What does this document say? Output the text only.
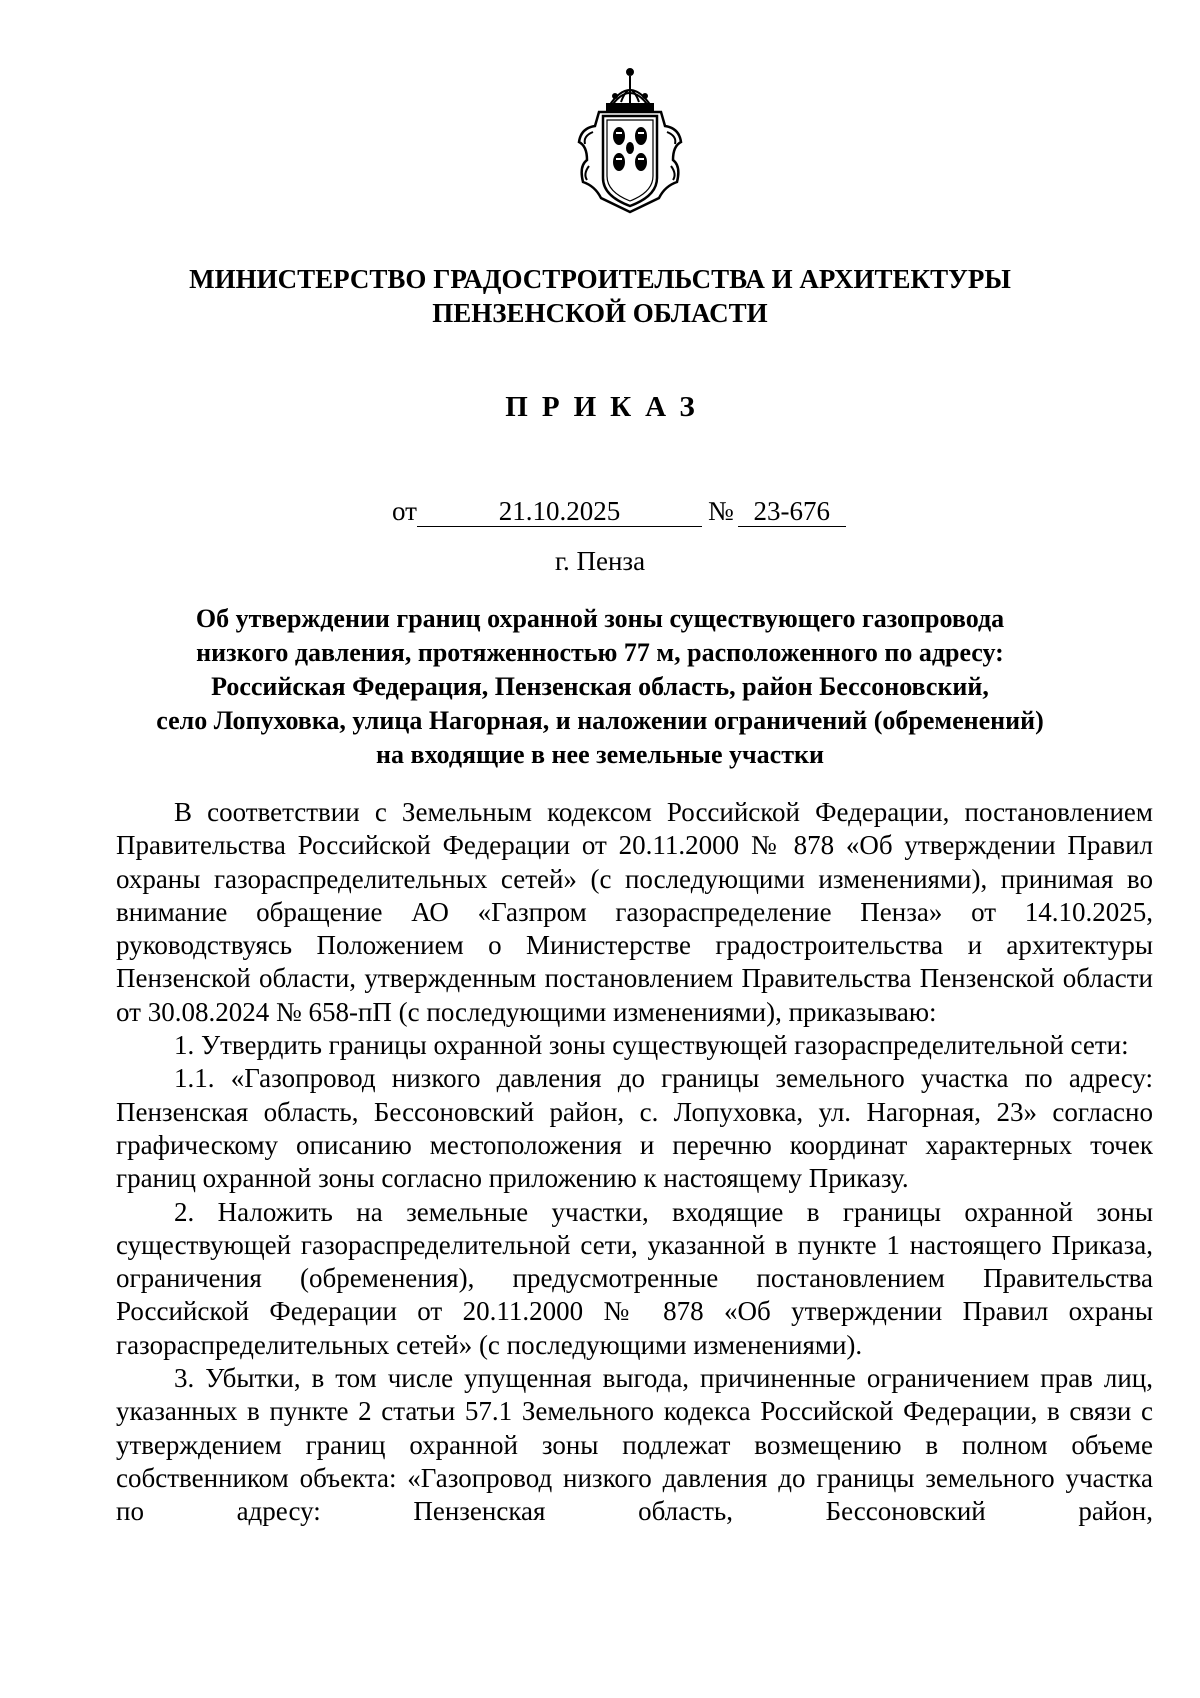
МИНИСТЕРСТВО ГРАДОСТРОИТЕЛЬСТВА И АРХИТЕКТУРЫ
ПЕНЗЕНСКОЙ ОБЛАСТИ
ПРИКАЗ
от	21.10.2025	№ 23-676
г. Пенза
Об утверждении границ охранной зоны существующего газопровода
низкого давления, протяженностью 77 м, расположенного по адресу:
Российская Федерация, Пензенская область, район Бессоновский,
село Лопуховка, улица Нагорная, и наложении ограничений (обременений)
на входящие в нее земельные участки

В соответствии с Земельным кодексом Российской Федерации, постановлением Правительства Российской Федерации от 20.11.2000 № 878 «Об утверждении Правил охраны газораспределительных сетей» (с последующими изменениями), принимая во внимание обращение АО «Газпром газораспределение Пенза» от 14.10.2025, руководствуясь Положением о Министерстве градостроительства и архитектуры Пензенской области, утвержденным постановлением Правительства Пензенской области от 30.08.2024 № 658-пП (с последующими изменениями), приказываю:

1. Утвердить границы охранной зоны существующей газораспределительной сети:

1.1. «Газопровод низкого давления до границы земельного участка по адресу: Пензенская область, Бессоновский район, с. Лопуховка, ул. Нагорная, 23» согласно графическому описанию местоположения и перечню координат характерных точек границ охранной зоны согласно приложению к настоящему Приказу.

2. Наложить на земельные участки, входящие в границы охранной зоны существующей газораспределительной сети, указанной в пункте 1 настоящего Приказа, ограничения (обременения), предусмотренные постановлением Правительства Российской Федерации от 20.11.2000 № 878 «Об утверждении Правил охраны газораспределительных сетей» (с последующими изменениями).

3. Убытки, в том числе упущенная выгода, причиненные ограничением прав лиц, указанных в пункте 2 статьи 57.1 Земельного кодекса Российской Федерации, в связи с утверждением границ охранной зоны подлежат возмещению в полном объеме собственником объекта: «Газопровод низкого давления до границы земельного участка по адресу: Пензенская область, Бессоновский район,
